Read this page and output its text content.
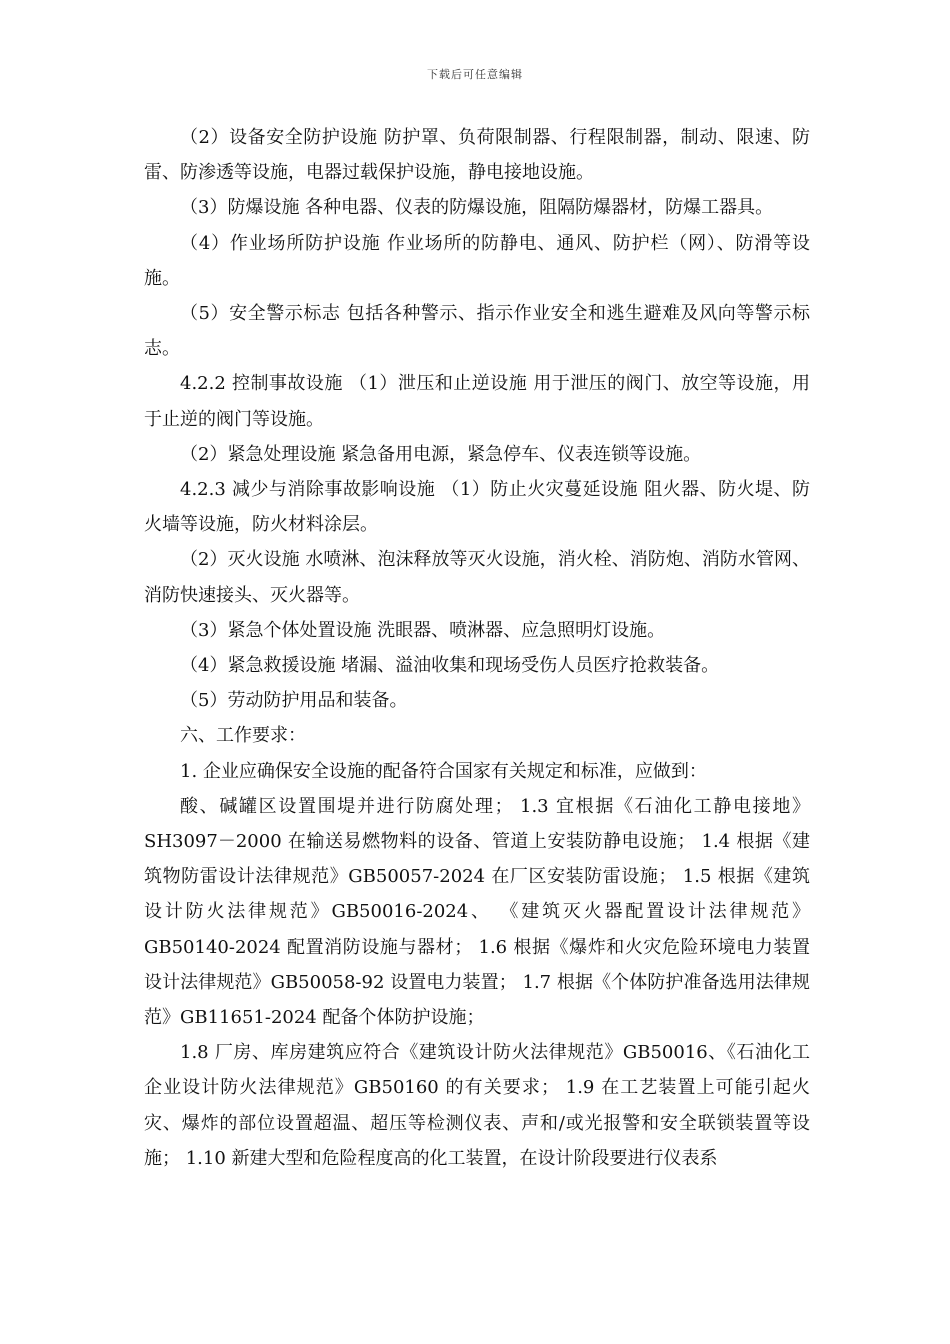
下载后可任意编辑

（2）设备安全防护设施 防护罩、负荷限制器、行程限制器，制动、限速、防雷、防渗透等设施，电器过载保护设施，静电接地设施。

（3）防爆设施 各种电器、仪表的防爆设施，阻隔防爆器材，防爆工器具。

（4）作业场所防护设施 作业场所的防静电、通风、防护栏（网）、防滑等设施。

（5）安全警示标志 包括各种警示、指示作业安全和逃生避难及风向等警示标志。

4.2.2 控制事故设施 （1）泄压和止逆设施 用于泄压的阀门、放空等设施，用于止逆的阀门等设施。

（2）紧急处理设施 紧急备用电源，紧急停车、仪表连锁等设施。

4.2.3 减少与消除事故影响设施 （1）防止火灾蔓延设施 阻火器、防火堤、防火墙等设施，防火材料涂层。

（2）灭火设施 水喷淋、泡沫释放等灭火设施，消火栓、消防炮、消防水管网、消防快速接头、灭火器等。

（3）紧急个体处置设施 洗眼器、喷淋器、应急照明灯设施。

（4）紧急救援设施 堵漏、溢油收集和现场受伤人员医疗抢救装备。

（5）劳动防护用品和装备。

六、工作要求：

1. 企业应确保安全设施的配备符合国家有关规定和标准，应做到：

酸、碱罐区设置围堤并进行防腐处理； 1.3 宜根据《石油化工静电接地》SH3097－2000 在输送易燃物料的设备、管道上安装防静电设施； 1.4 根据《建筑物防雷设计法律规范》GB50057-2024 在厂区安装防雷设施； 1.5 根据《建筑设计防火法律规范》GB50016-2024、 《建筑灭火器配置设计法律规范》GB50140-2024 配置消防设施与器材； 1.6 根据《爆炸和火灾危险环境电力装置设计法律规范》GB50058-92 设置电力装置； 1.7 根据《个体防护准备选用法律规范》GB11651-2024 配备个体防护设施；

1.8 厂房、库房建筑应符合《建筑设计防火法律规范》GB50016、《石油化工企业设计防火法律规范》GB50160 的有关要求； 1.9 在工艺装置上可能引起火灾、爆炸的部位设置超温、超压等检测仪表、声和/或光报警和安全联锁装置等设施； 1.10 新建大型和危险程度高的化工装置，在设计阶段要进行仪表系
